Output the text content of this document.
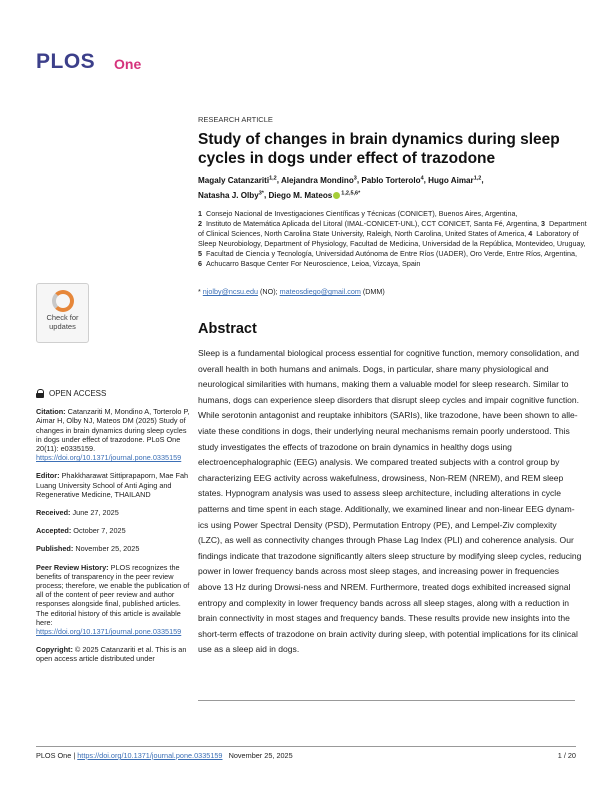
PLOS One
Check for
updates
OPEN ACCESS

Citation: Catanzariti M, Mondino A, Torterolo P, Aimar H, Olby NJ, Mateos DM (2025) Study of changes in brain dynamics during sleep cycles in dogs under effect of trazodone. PLoS One 20(11): e0335159. https://doi.org/10.1371/journal.pone.0335159

Editor: Phakkharawat Sittiprapaporn, Mae Fah Luang University School of Anti Aging and Regenerative Medicine, THAILAND

Received: June 27, 2025

Accepted: October 7, 2025

Published: November 25, 2025

Peer Review History: PLOS recognizes the benefits of transparency in the peer review process; therefore, we enable the publication of all of the content of peer review and author responses alongside final, published articles. The editorial history of this article is available here: https://doi.org/10.1371/journal.pone.0335159

Copyright: © 2025 Catanzariti et al. This is an open access article distributed under

RESEARCH ARTICLE
Study of changes in brain dynamics during sleep cycles in dogs under effect of trazodone
Magaly Catanzariti$^{1,2}$, Alejandra Mondino$^3$, Pablo Torterolo$^4$, Hugo Aimar$^{1,2}$,
Natasha J. Olby$^{3*}$, Diego M. Mateos $^{1,2,5,6*}$
1 Consejo Nacional de Investigaciones Científicas y Técnicas (CONICET), Buenos Aires, Argentina,
2 Instituto de Matemática Aplicada del Litoral (IMAL-CONICET-UNL), CCT CONICET, Santa Fé, Argentina, 3 Department of Clinical Sciences, North Carolina State University, Raleigh, North Carolina, United States of America, 4 Laboratory of Sleep Neurobiology, Department of Physiology, Facultad de Medicina, Universidad de la República, Montevideo, Uruguay, 5 Facultad de Ciencia y Tecnología, Universidad Autónoma de Entre Ríos (UADER), Oro Verde, Entre Ríos, Argentina, 6 Achucarro Basque Center For Neuroscience, Leioa, Vizcaya, Spain
* njolby@ncsu.edu (NO); mateosdiego@gmail.com (DMM)
Abstract

Sleep is a fundamental biological process essential for cognitive function, memory consolidation, and overall health in both humans and animals. Dogs, in particular, share many physiological and neurological similarities with humans, making them a valuable model for sleep research. Similar to humans, dogs can experience sleep disorders that disrupt sleep cycles and impair cognitive function. While serotonin antagonist and reuptake inhibitors (SARIs), like trazodone, have been shown to alle-viate these conditions in dogs, their underlying neural mechanisms remain poorly understood. This study investigates the effects of trazodone on brain dynamics in healthy dogs using electroencephalographic (EEG) analysis. We compared treated subjects with a control group by characterizing EEG activity across wakefulness, drowsiness, Non-REM (NREM), and REM sleep states. Hypnogram analysis was used to assess sleep architecture, including alterations in cycle patterns and time spent in each stage. Additionally, we examined linear and non-linear EEG dynam-ics using Power Spectral Density (PSD), Permutation Entropy (PE), and Lempel-Ziv complexity (LZC), as well as connectivity changes through Phase Lag Index (PLI) and coherence analysis. Our findings indicate that trazodone significantly alters sleep structure by modifying sleep cycles, reducing power in lower frequency bands across most sleep stages, and increasing power in frequencies above 13 Hz during Drowsi-ness and NREM. Furthermore, treated dogs exhibited increased signal entropy and complexity in lower frequency bands across all sleep stages, along with a reduction in brain connectivity in most stages and frequency bands. These results provide new insights into the short-term effects of trazodone on brain activity during sleep, with potential implications for its clinical use as a sleep aid in dogs.

PLOS One | https://doi.org/10.1371/journal.pone.0335159   November 25, 2025	1 / 20
